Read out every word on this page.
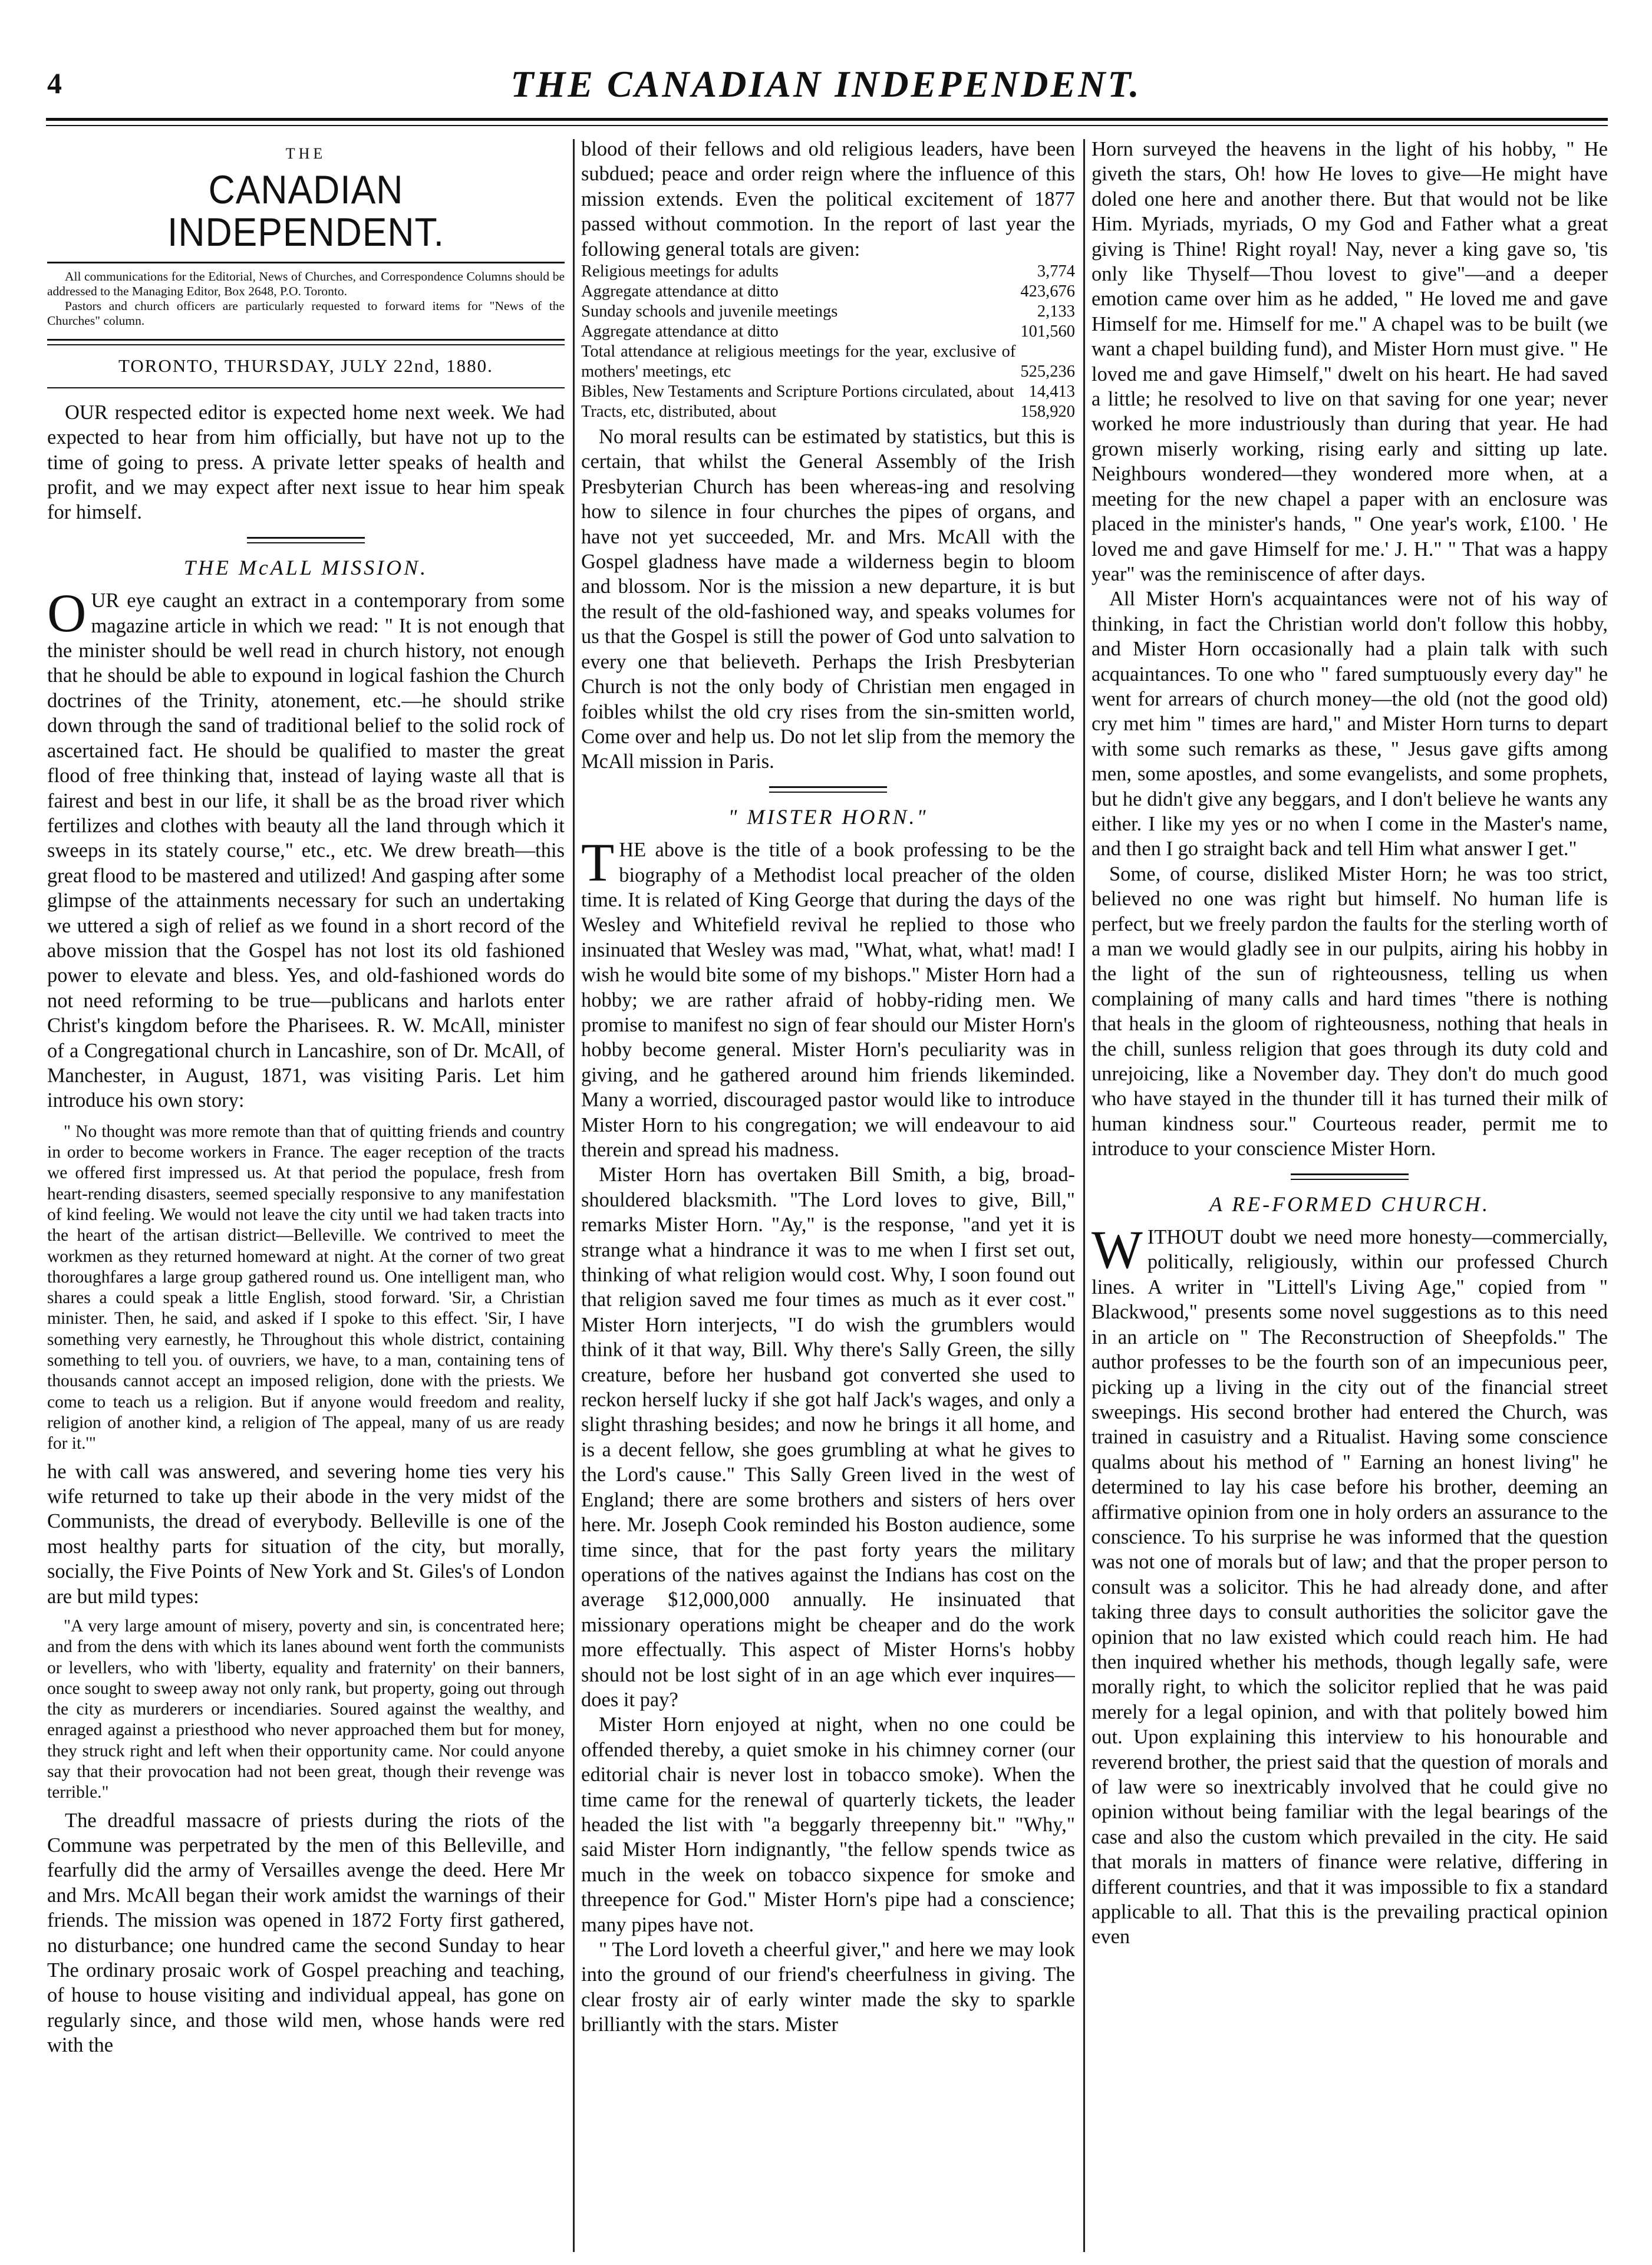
4	THE CANADIAN INDEPENDENT.
THE
CANADIAN INDEPENDENT.

All communications for the Editorial, News of Churches, and Correspondence Columns should be addressed to the Managing Editor, Box 2648, P.O. Toronto.

Pastors and church officers are particularly requested to forward items for "News of the Churches" column.

TORONTO, THURSDAY, JULY 22nd, 1880.

OUR respected editor is expected home next week. We had expected to hear from him officially, but have not up to the time of going to press. A private letter speaks of health and profit, and we may expect after next issue to hear him speak for himself.

THE McALL MISSION.

OUR eye caught an extract in a contemporary from some magazine article in which we read: " It is not enough that the minister should be well read in church history, not enough that he should be able to expound in logical fashion the Church doctrines of the Trinity, atonement, etc.—he should strike down through the sand of traditional belief to the solid rock of ascertained fact. He should be qualified to master the great flood of free thinking that, instead of laying waste all that is fairest and best in our life, it shall be as the broad river which fertilizes and clothes with beauty all the land through which it sweeps in its stately course," etc., etc. We drew breath—this great flood to be mastered and utilized! And gasping after some glimpse of the attainments necessary for such an undertaking we uttered a sigh of relief as we found in a short record of the above mission that the Gospel has not lost its old fashioned power to elevate and bless. Yes, and old-fashioned words do not need reforming to be true—publicans and harlots enter Christ's kingdom before the Pharisees. R. W. McAll, minister of a Congregational church in Lancashire, son of Dr. McAll, of Manchester, in August, 1871, was visiting Paris. Let him introduce his own story:

" No thought was more remote than that of quitting friends and country in order to become workers in France. The eager reception of the tracts we offered first impressed us. At that period the populace, fresh from heart-rending disasters, seemed specially responsive to any manifestation of kind feeling. We would not leave the city until we had taken tracts into the heart of the artisan district—Belleville. We contrived to meet the workmen as they returned homeward at night. At the corner of two great thoroughfares a large group gathered round us. One intelligent man, who shares a could speak a little English, stood forward. 'Sir, a Christian minister. Then, he said, and asked if I spoke to this effect. 'Sir, I have something very earnestly, he Throughout this whole district, containing something to tell you. of ouvriers, we have, to a man, containing tens of thousands cannot accept an imposed religion, done with the priests. We come to teach us a religion. But if anyone would freedom and reality, religion of another kind, a religion of The appeal, many of us are ready for it.'"

he with call was answered, and severing home ties very his wife returned to take up their abode in the very midst of the Communists, the dread of everybody. Belleville is one of the most healthy parts for situation of the city, but morally, socially, the Five Points of New York and St. Giles's of London are but mild types:

"A very large amount of misery, poverty and sin, is concentrated here; and from the dens with which its lanes abound went forth the communists or levellers, who with 'liberty, equality and fraternity' on their banners, once sought to sweep away not only rank, but property, going out through the city as murderers or incendiaries. Soured against the wealthy, and enraged against a priesthood who never approached them but for money, they struck right and left when their opportunity came. Nor could anyone say that their provocation had not been great, though their revenge was terrible."

The dreadful massacre of priests during the riots of the Commune was perpetrated by the men of this Belleville, and fearfully did the army of Versailles avenge the deed. Here Mr and Mrs. McAll began their work amidst the warnings of their friends. The mission was opened in 1872 Forty first gathered, no disturbance; one hundred came the second Sunday to hear The ordinary prosaic work of Gospel preaching and teaching, of house to house visiting and individual appeal, has gone on regularly since, and those wild men, whose hands were red with the

blood of their fellows and old religious leaders, have been subdued; peace and order reign where the influence of this mission extends. Even the political excitement of 1877 passed without commotion. In the report of last year the following general totals are given:

Religious meetings for adults	3,774
Aggregate attendance at ditto	423,676
Sunday schools and juvenile meetings	2,133
Aggregate attendance at ditto	101,560
Total attendance at religious meetings for the year, exclusive of mothers' meetings, etc	525,236
Bibles, New Testaments and Scripture Portions circulated, about	14,413
Tracts, etc, distributed, about	158,920

No moral results can be estimated by statistics, but this is certain, that whilst the General Assembly of the Irish Presbyterian Church has been whereas-ing and resolving how to silence in four churches the pipes of organs, and have not yet succeeded, Mr. and Mrs. McAll with the Gospel gladness have made a wilderness begin to bloom and blossom. Nor is the mission a new departure, it is but the result of the old-fashioned way, and speaks volumes for us that the Gospel is still the power of God unto salvation to every one that believeth. Perhaps the Irish Presbyterian Church is not the only body of Christian men engaged in foibles whilst the old cry rises from the sin-smitten world, Come over and help us. Do not let slip from the memory the McAll mission in Paris.

" MISTER HORN."

THE above is the title of a book professing to be the biography of a Methodist local preacher of the olden time. It is related of King George that during the days of the Wesley and Whitefield revival he replied to those who insinuated that Wesley was mad, "What, what, what! mad! I wish he would bite some of my bishops." Mister Horn had a hobby; we are rather afraid of hobby-riding men. We promise to manifest no sign of fear should our Mister Horn's hobby become general. Mister Horn's peculiarity was in giving, and he gathered around him friends likeminded. Many a worried, discouraged pastor would like to introduce Mister Horn to his congregation; we will endeavour to aid therein and spread his madness.

Mister Horn has overtaken Bill Smith, a big, broad-shouldered blacksmith. "The Lord loves to give, Bill," remarks Mister Horn. "Ay," is the response, "and yet it is strange what a hindrance it was to me when I first set out, thinking of what religion would cost. Why, I soon found out that religion saved me four times as much as it ever cost." Mister Horn interjects, "I do wish the grumblers would think of it that way, Bill. Why there's Sally Green, the silly creature, before her husband got converted she used to reckon herself lucky if she got half Jack's wages, and only a slight thrashing besides; and now he brings it all home, and is a decent fellow, she goes grumbling at what he gives to the Lord's cause." This Sally Green lived in the west of England; there are some brothers and sisters of hers over here. Mr. Joseph Cook reminded his Boston audience, some time since, that for the past forty years the military operations of the natives against the Indians has cost on the average $12,000,000 annually. He insinuated that missionary operations might be cheaper and do the work more effectually. This aspect of Mister Horns's hobby should not be lost sight of in an age which ever inquires—does it pay?

Mister Horn enjoyed at night, when no one could be offended thereby, a quiet smoke in his chimney corner (our editorial chair is never lost in tobacco smoke). When the time came for the renewal of quarterly tickets, the leader headed the list with "a beggarly threepenny bit." "Why," said Mister Horn indignantly, "the fellow spends twice as much in the week on tobacco sixpence for smoke and threepence for God." Mister Horn's pipe had a conscience; many pipes have not.

" The Lord loveth a cheerful giver," and here we may look into the ground of our friend's cheerfulness in giving. The clear frosty air of early winter made the sky to sparkle brilliantly with the stars. Mister

Horn surveyed the heavens in the light of his hobby, " He giveth the stars, Oh! how He loves to give—He might have doled one here and another there. But that would not be like Him. Myriads, myriads, O my God and Father what a great giving is Thine! Right royal! Nay, never a king gave so, 'tis only like Thyself—Thou lovest to give"—and a deeper emotion came over him as he added, " He loved me and gave Himself for me. Himself for me." A chapel was to be built (we want a chapel building fund), and Mister Horn must give. " He loved me and gave Himself," dwelt on his heart. He had saved a little; he resolved to live on that saving for one year; never worked he more industriously than during that year. He had grown miserly working, rising early and sitting up late. Neighbours wondered—they wondered more when, at a meeting for the new chapel a paper with an enclosure was placed in the minister's hands, " One year's work, £100. ' He loved me and gave Himself for me.' J. H." " That was a happy year" was the reminiscence of after days.

All Mister Horn's acquaintances were not of his way of thinking, in fact the Christian world don't follow this hobby, and Mister Horn occasionally had a plain talk with such acquaintances. To one who " fared sumptuously every day" he went for arrears of church money—the old (not the good old) cry met him " times are hard," and Mister Horn turns to depart with some such remarks as these, " Jesus gave gifts among men, some apostles, and some evangelists, and some prophets, but he didn't give any beggars, and I don't believe he wants any either. I like my yes or no when I come in the Master's name, and then I go straight back and tell Him what answer I get."

Some, of course, disliked Mister Horn; he was too strict, believed no one was right but himself. No human life is perfect, but we freely pardon the faults for the sterling worth of a man we would gladly see in our pulpits, airing his hobby in the light of the sun of righteousness, telling us when complaining of many calls and hard times "there is nothing that heals in the gloom of righteousness, nothing that heals in the chill, sunless religion that goes through its duty cold and unrejoicing, like a November day. They don't do much good who have stayed in the thunder till it has turned their milk of human kindness sour." Courteous reader, permit me to introduce to your conscience Mister Horn.

A RE-FORMED CHURCH.

WITHOUT doubt we need more honesty—commercially, politically, religiously, within our professed Church lines. A writer in "Littell's Living Age," copied from " Blackwood," presents some novel suggestions as to this need in an article on " The Reconstruction of Sheepfolds." The author professes to be the fourth son of an impecunious peer, picking up a living in the city out of the financial street sweepings. His second brother had entered the Church, was trained in casuistry and a Ritualist. Having some conscience qualms about his method of " Earning an honest living" he determined to lay his case before his brother, deeming an affirmative opinion from one in holy orders an assurance to the conscience. To his surprise he was informed that the question was not one of morals but of law; and that the proper person to consult was a solicitor. This he had already done, and after taking three days to consult authorities the solicitor gave the opinion that no law existed which could reach him. He had then inquired whether his methods, though legally safe, were morally right, to which the solicitor replied that he was paid merely for a legal opinion, and with that politely bowed him out. Upon explaining this interview to his honourable and reverend brother, the priest said that the question of morals and of law were so inextricably involved that he could give no opinion without being familiar with the legal bearings of the case and also the custom which prevailed in the city. He said that morals in matters of finance were relative, differing in different countries, and that it was impossible to fix a standard applicable to all. That this is the prevailing practical opinion even
